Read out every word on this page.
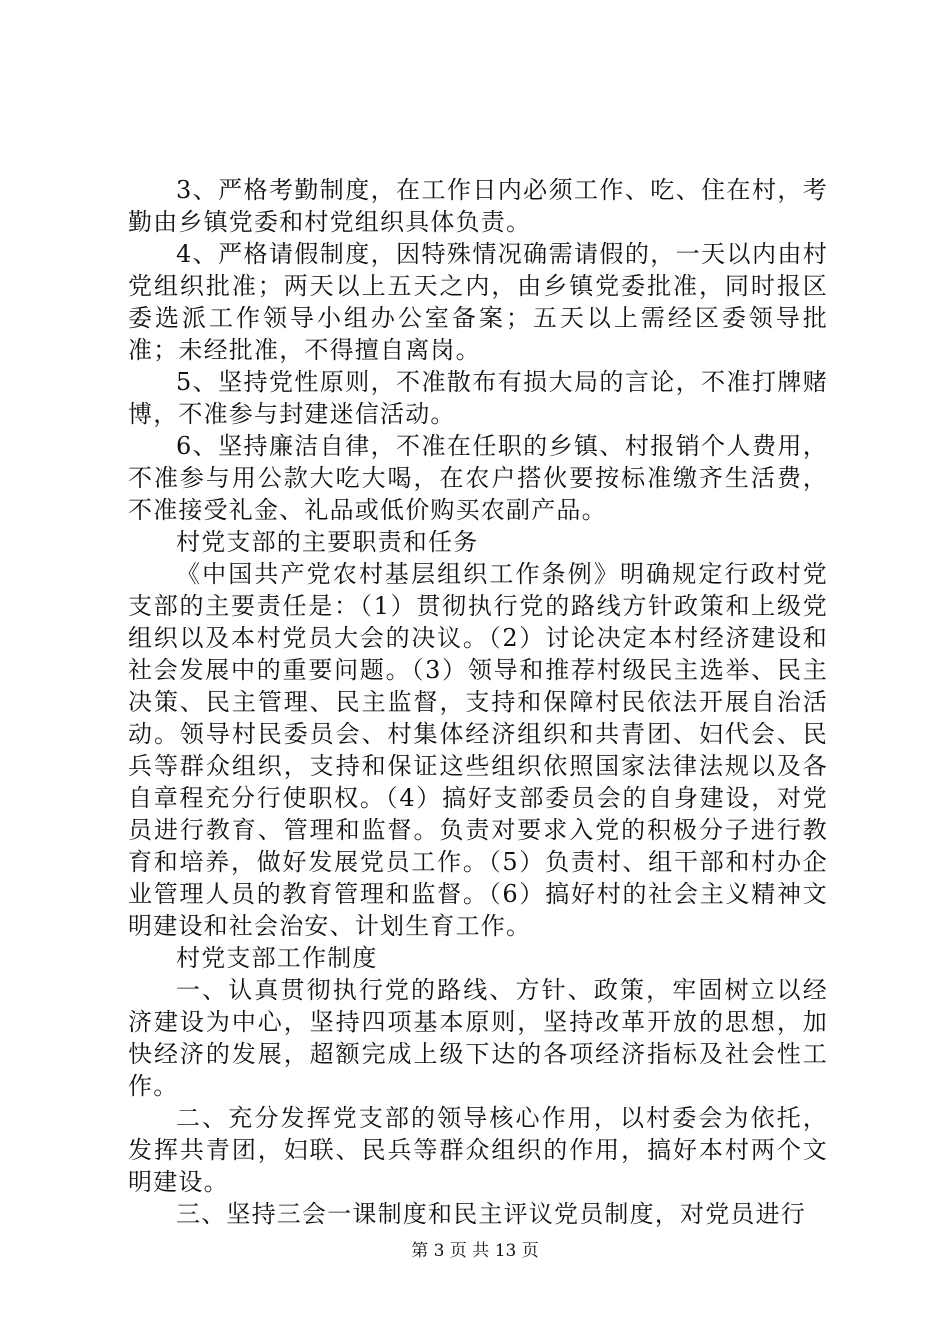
3、严格考勤制度，在工作日内必须工作、吃、住在村，考勤由乡镇党委和村党组织具体负责。

4、严格请假制度，因特殊情况确需请假的，一天以内由村党组织批准；两天以上五天之内，由乡镇党委批准，同时报区委选派工作领导小组办公室备案；五天以上需经区委领导批准；未经批准，不得擅自离岗。

5、坚持党性原则，不准散布有损大局的言论，不准打牌赌博，不准参与封建迷信活动。

6、坚持廉洁自律，不准在任职的乡镇、村报销个人费用，不准参与用公款大吃大喝，在农户搭伙要按标准缴齐生活费，不准接受礼金、礼品或低价购买农副产品。

村党支部的主要职责和任务

《中国共产党农村基层组织工作条例》明确规定行政村党支部的主要责任是：（1）贯彻执行党的路线方针政策和上级党组织以及本村党员大会的决议。（2）讨论决定本村经济建设和社会发展中的重要问题。（3）领导和推荐村级民主选举、民主决策、民主管理、民主监督，支持和保障村民依法开展自治活动。领导村民委员会、村集体经济组织和共青团、妇代会、民兵等群众组织，支持和保证这些组织依照国家法律法规以及各自章程充分行使职权。（4）搞好支部委员会的自身建设，对党员进行教育、管理和监督。负责对要求入党的积极分子进行教育和培养，做好发展党员工作。（5）负责村、组干部和村办企业管理人员的教育管理和监督。（6）搞好村的社会主义精神文明建设和社会治安、计划生育工作。

村党支部工作制度

一、认真贯彻执行党的路线、方针、政策，牢固树立以经济建设为中心，坚持四项基本原则，坚持改革开放的思想，加快经济的发展，超额完成上级下达的各项经济指标及社会性工作。

二、充分发挥党支部的领导核心作用，以村委会为依托，发挥共青团，妇联、民兵等群众组织的作用，搞好本村两个文明建设。

三、坚持三会一课制度和民主评议党员制度，对党员进行

第 3 页 共 13 页
